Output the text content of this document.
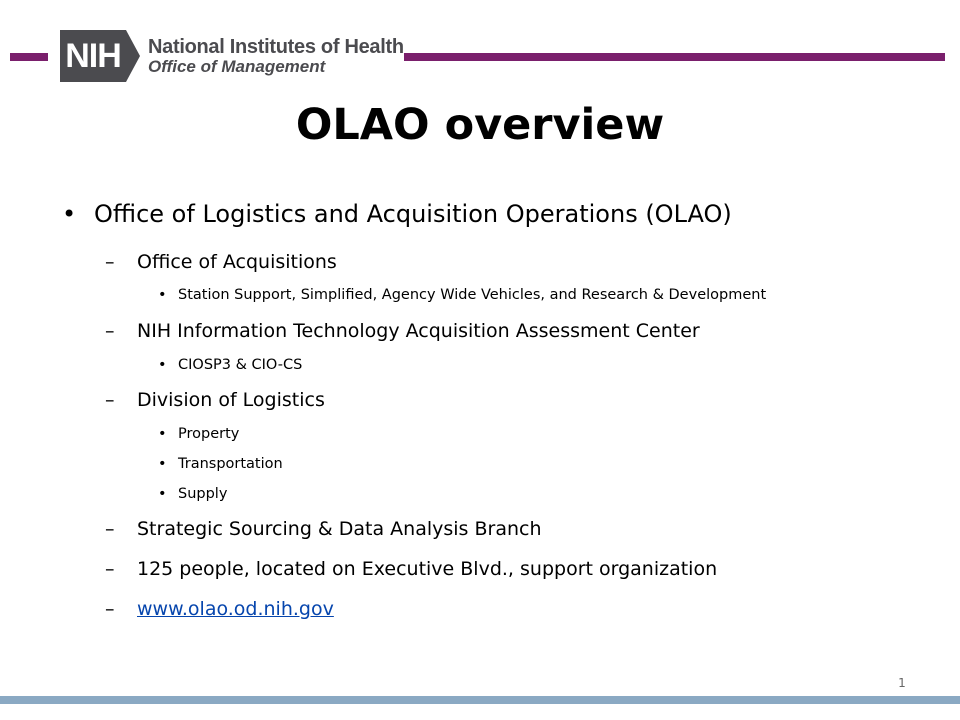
NIH National Institutes of Health
Office of Management
OLAO overview
• Office of Logistics and Acquisition Operations (OLAO)
– Office of Acquisitions
• Station Support, Simplified, Agency Wide Vehicles, and Research & Development
– NIH Information Technology Acquisition Assessment Center
• CIOSP3 & CIO-CS
– Division of Logistics
• Property
• Transportation
• Supply
– Strategic Sourcing & Data Analysis Branch
– 125 people, located on Executive Blvd., support organization
– www.olao.od.nih.gov
1
